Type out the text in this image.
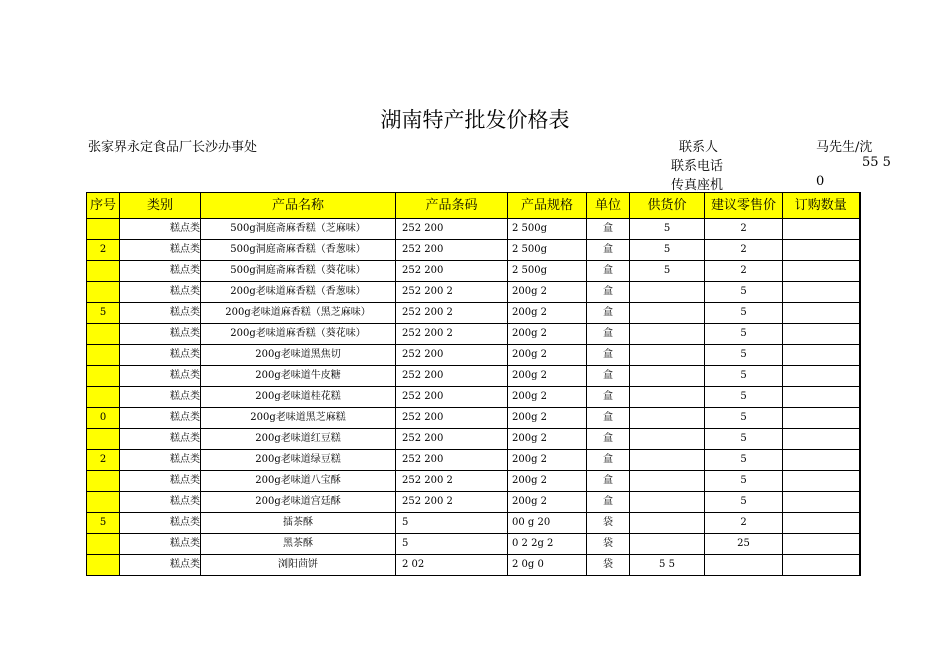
湖南特产批发价格表
张家界永定食品厂长沙办事处	联系人	马先生/沈
联系电话	55 5
传真座机	0
序号	类别	产品名称	产品条码	产品规格	单位	供货价	建议零售价	订购数量
	糕点类	500g洞庭斋麻香糕（芝麻味）	252 200	2 500g	盒	5	2	
2	糕点类	500g洞庭斋麻香糕（香葱味）	252 200	2 500g	盒	5	2	
	糕点类	500g洞庭斋麻香糕（葵花味）	252 200	2 500g	盒	5	2	
	糕点类	200g老味道麻香糕（香葱味）	252 200 2	200g 2	盒		5	
5	糕点类	200g老味道麻香糕（黑芝麻味）	252 200 2	200g 2	盒		5	
	糕点类	200g老味道麻香糕（葵花味）	252 200 2	200g 2	盒		5	
	糕点类	200g老味道黑焦切	252 200	200g 2	盒		5	
	糕点类	200g老味道牛皮糖	252 200	200g 2	盒		5	
	糕点类	200g老味道桂花糕	252 200	200g 2	盒		5	
0	糕点类	200g老味道黑芝麻糕	252 200	200g 2	盒		5	
	糕点类	200g老味道红豆糕	252 200	200g 2	盒		5	
2	糕点类	200g老味道绿豆糕	252 200	200g 2	盒		5	
	糕点类	200g老味道八宝酥	252 200 2	200g 2	盒		5	
	糕点类	200g老味道宫廷酥	252 200 2	200g 2	盒		5	
5	糕点类	擂茶酥	5	00 g 20	袋		2	
	糕点类	黑茶酥	5	0 2 2g 2	袋		25	
	糕点类	浏阳茴饼	2 02	2 0g 0	袋	5 5		
